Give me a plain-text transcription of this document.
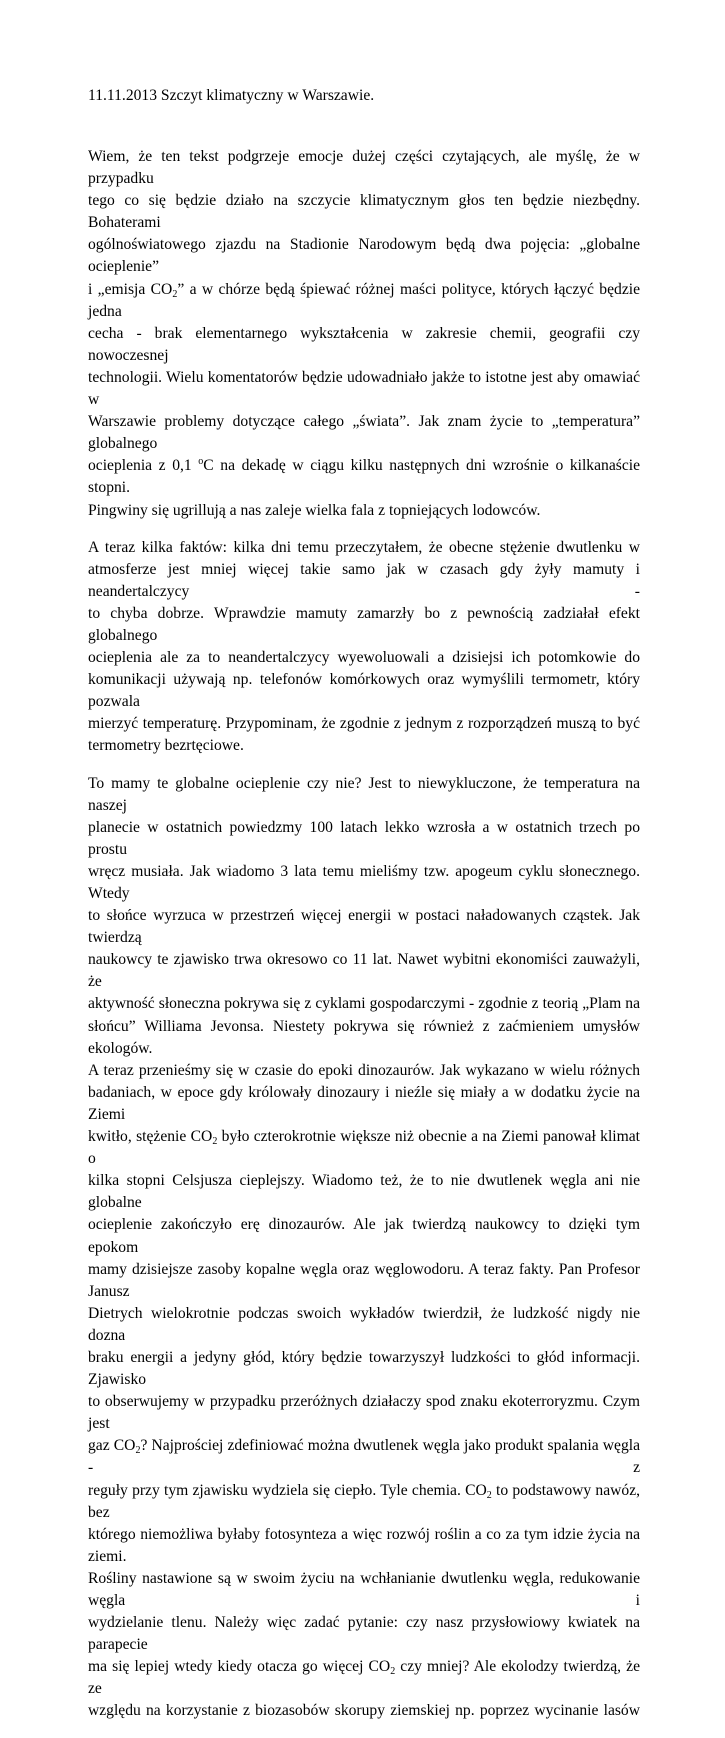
11.11.2013 Szczyt klimatyczny w Warszawie.

Wiem, że ten tekst podgrzeje emocje dużej części czytających, ale myślę, że w przypadku
tego co się będzie działo na szczycie klimatycznym głos ten będzie niezbędny. Bohaterami
ogólnoświatowego zjazdu na Stadionie Narodowym będą dwa pojęcia: „globalne ocieplenie”
i „emisja $CO_2$” a w chórze będą śpiewać różnej maści polityce, których łączyć będzie jedna
cecha - brak elementarnego wykształcenia w zakresie chemii, geografii czy nowoczesnej
technologii. Wielu komentatorów będzie udowadniało jakże to istotne jest aby omawiać w
Warszawie problemy dotyczące całego „świata”. Jak znam życie to „temperatura” globalnego
ocieplenia z 0,1 $^o$C na dekadę w ciągu kilku następnych dni wzrośnie o kilkanaście stopni.
Pingwiny się ugrillują a nas zaleje wielka fala z topniejących lodowców.

A teraz kilka faktów: kilka dni temu przeczytałem, że obecne stężenie dwutlenku w
atmosferze jest mniej więcej takie samo jak w czasach gdy żyły mamuty i neandertalczycy -
to chyba dobrze. Wprawdzie mamuty zamarzły bo z pewnością zadziałał efekt globalnego
ocieplenia ale za to neandertalczycy wyewoluowali a dzisiejsi ich potomkowie do
komunikacji używają np. telefonów komórkowych oraz wymyślili termometr, który pozwala
mierzyć temperaturę. Przypominam, że zgodnie z jednym z rozporządzeń muszą to być
termometry bezrtęciowe.

To mamy te globalne ocieplenie czy nie? Jest to niewykluczone, że temperatura na naszej
planecie w ostatnich powiedzmy 100 latach lekko wzrosła a w ostatnich trzech po prostu
wręcz musiała. Jak wiadomo 3 lata temu mieliśmy tzw. apogeum cyklu słonecznego. Wtedy
to słońce wyrzuca w przestrzeń więcej energii w postaci naładowanych cząstek. Jak twierdzą
naukowcy te zjawisko trwa okresowo co 11 lat. Nawet wybitni ekonomiści zauważyli, że
aktywność słoneczna pokrywa się z cyklami gospodarczymi - zgodnie z teorią „Plam na
słońcu” Williama Jevonsa. Niestety pokrywa się również z zaćmieniem umysłów ekologów.
A teraz przenieśmy się w czasie do epoki dinozaurów. Jak wykazano w wielu różnych
badaniach, w epoce gdy królowały dinozaury i nieźle się miały a w dodatku życie na Ziemi
kwitło, stężenie $CO_2$ było czterokrotnie większe niż obecnie a na Ziemi panował klimat o
kilka stopni Celsjusza cieplejszy. Wiadomo też, że to nie dwutlenek węgla ani nie globalne
ocieplenie zakończyło erę dinozaurów. Ale jak twierdzą naukowcy to dzięki tym epokom
mamy dzisiejsze zasoby kopalne węgla oraz węglowodoru. A teraz fakty. Pan Profesor Janusz
Dietrych wielokrotnie podczas swoich wykładów twierdził, że ludzkość nigdy nie dozna
braku energii a jedyny głód, który będzie towarzyszył ludzkości to głód informacji. Zjawisko
to obserwujemy w przypadku przeróżnych działaczy spod znaku ekoterroryzmu. Czym jest
gaz $CO_2$? Najprościej zdefiniować można dwutlenek węgla jako produkt spalania węgla - z
reguły przy tym zjawisku wydziela się ciepło. Tyle chemia. $CO_2$ to podstawowy nawóz, bez
którego niemożliwa byłaby fotosynteza a więc rozwój roślin a co za tym idzie życia na ziemi.
Rośliny nastawione są w swoim życiu na wchłanianie dwutlenku węgla, redukowanie węgla i
wydzielanie tlenu. Należy więc zadać pytanie: czy nasz przysłowiowy kwiatek na parapecie
ma się lepiej wtedy kiedy otacza go więcej $CO_2$ czy mniej? Ale ekolodzy twierdzą, że ze
względu na korzystanie z biozasobów skorupy ziemskiej np. poprzez wycinanie lasów
